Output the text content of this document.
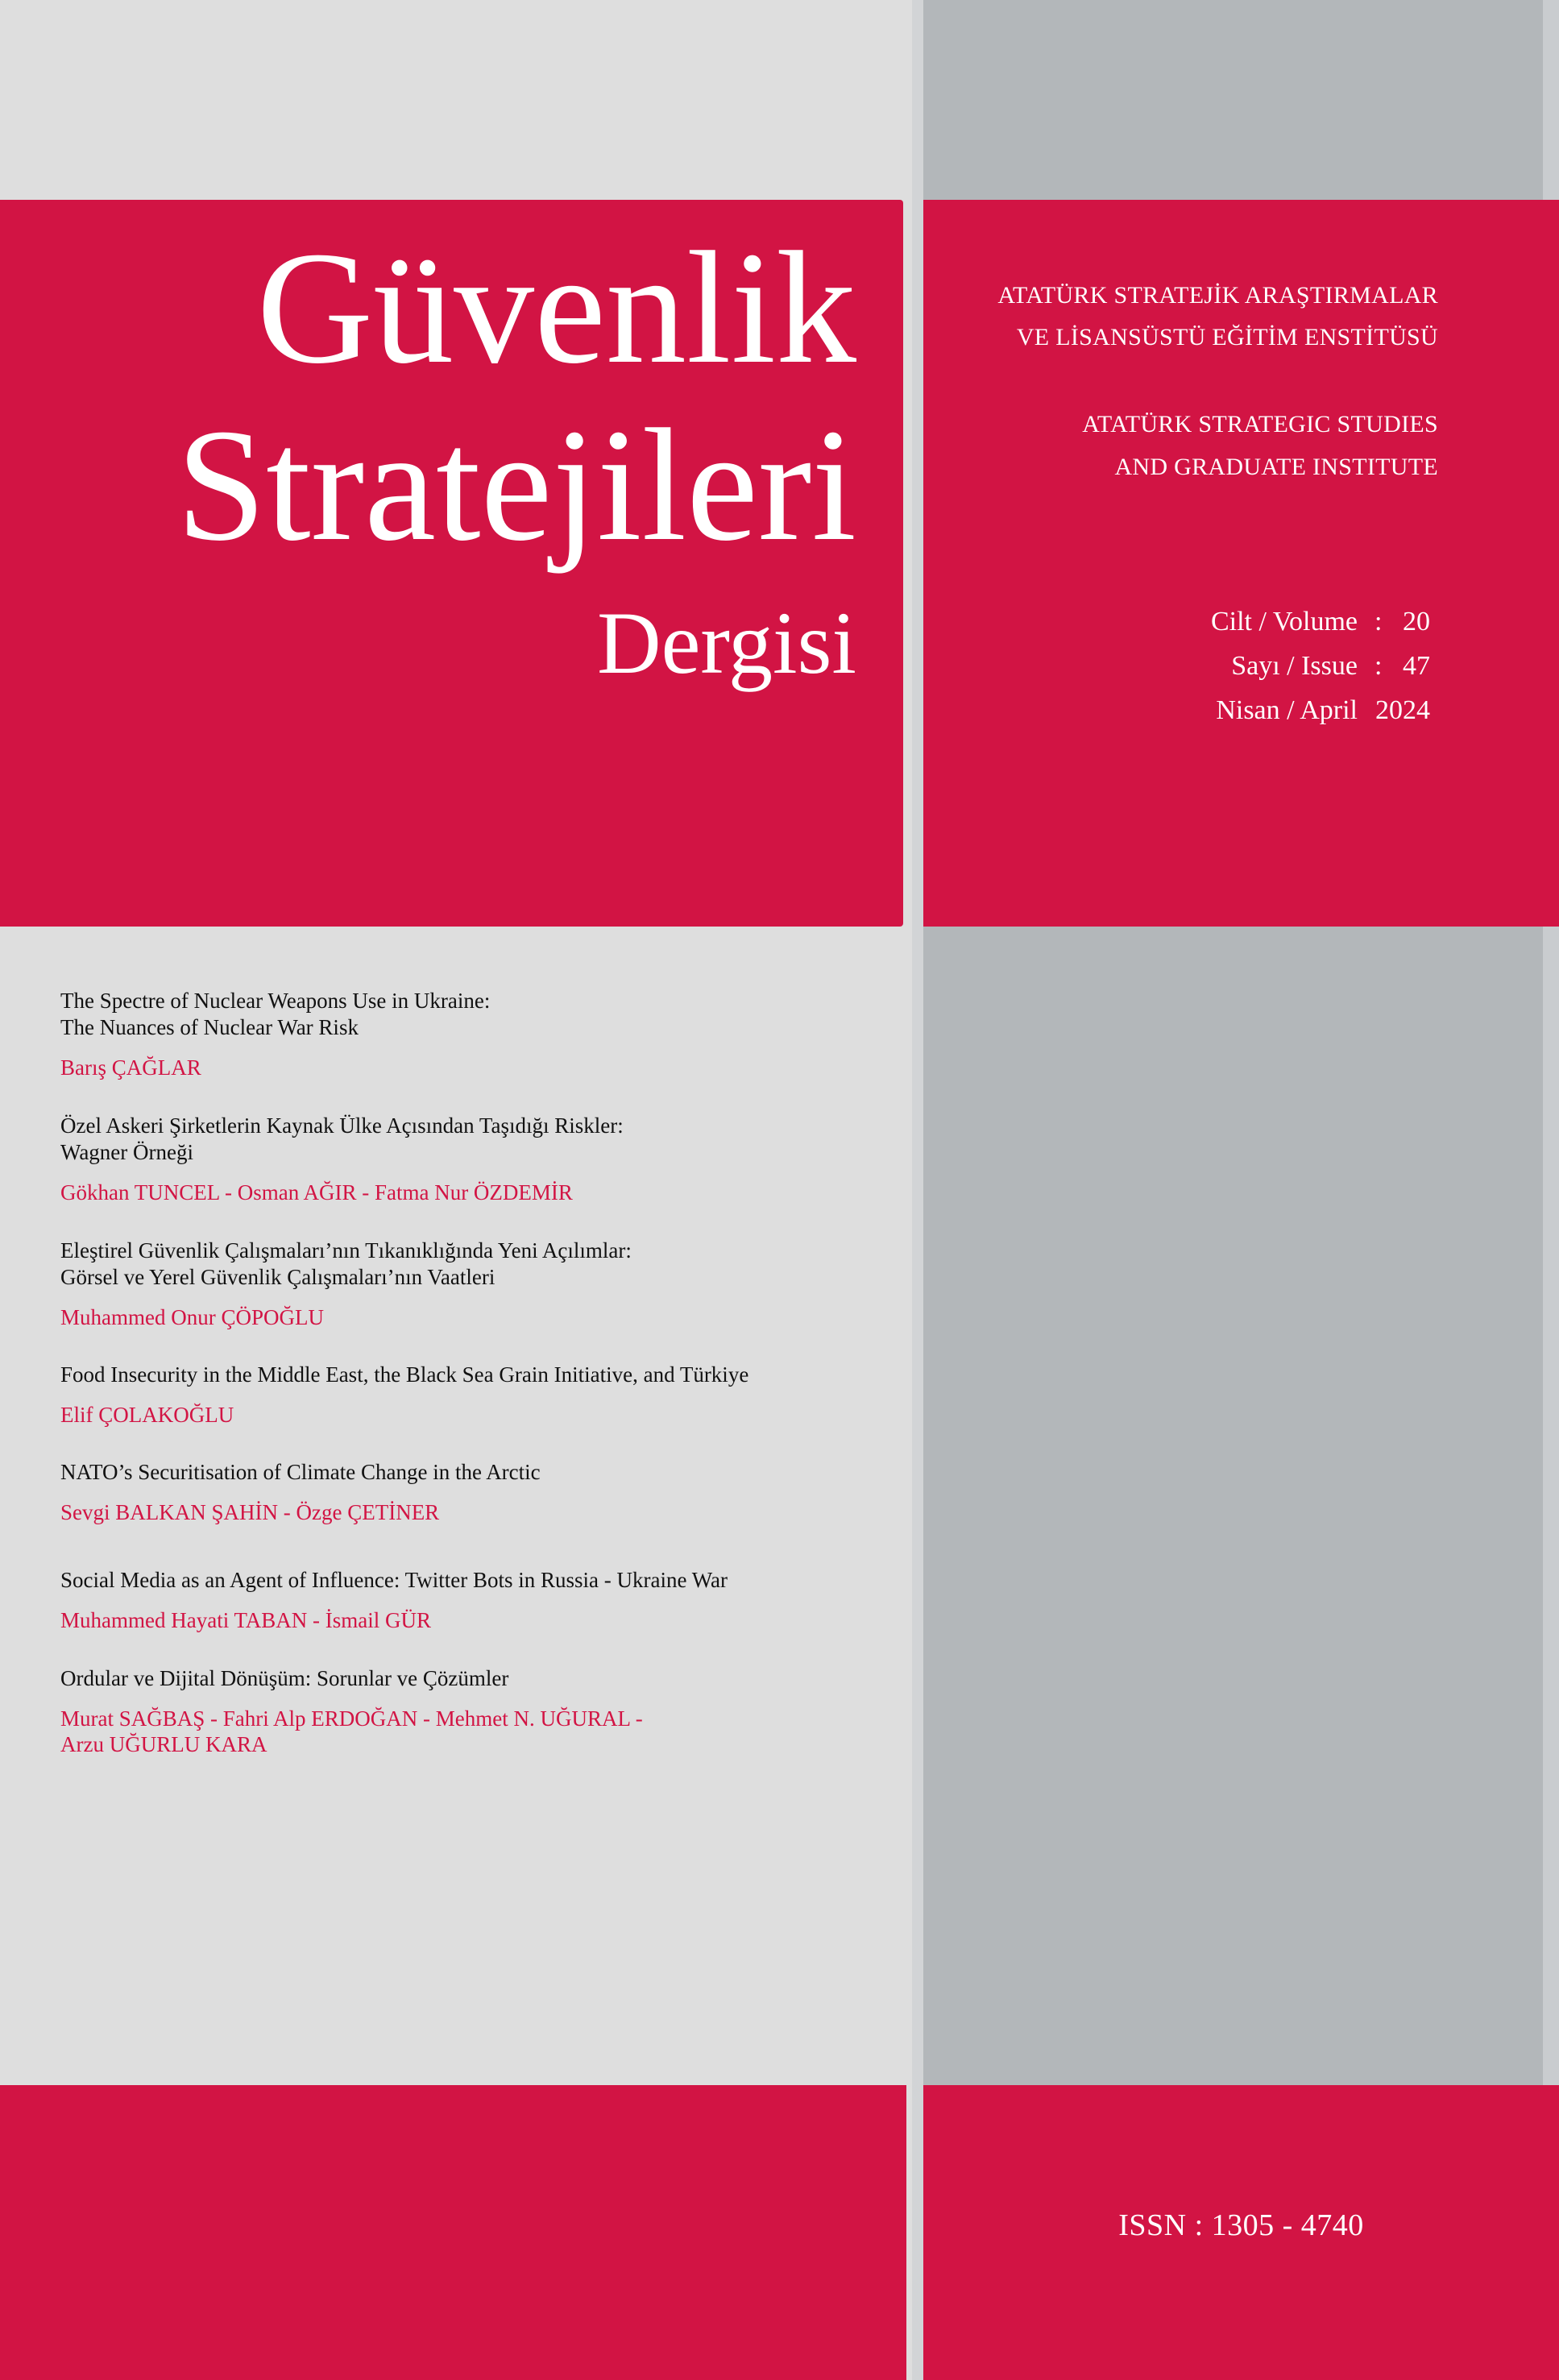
Güvenlik
Stratejileri
Dergisi
ATATÜRK STRATEJİK ARAŞTIRMALAR
VE LİSANSÜSTÜ EĞİTİM ENSTİTÜSÜ
ATATÜRK STRATEGIC STUDIES
AND GRADUATE INSTITUTE
Cilt / Volume : 20
Sayı / Issue : 47
Nisan / April 2024
The Spectre of Nuclear Weapons Use in Ukraine:
The Nuances of Nuclear War Risk
Barış ÇAĞLAR
Özel Askeri Şirketlerin Kaynak Ülke Açısından Taşıdığı Riskler:
Wagner Örneği
Gökhan TUNCEL - Osman AĞIR - Fatma Nur ÖZDEMİR
Eleştirel Güvenlik Çalışmaları’nın Tıkanıklığında Yeni Açılımlar:
Görsel ve Yerel Güvenlik Çalışmaları’nın Vaatleri
Muhammed Onur ÇÖPOĞLU
Food Insecurity in the Middle East, the Black Sea Grain Initiative, and Türkiye
Elif ÇOLAKOĞLU
NATO’s Securitisation of Climate Change in the Arctic
Sevgi BALKAN ŞAHİN - Özge ÇETİNER
Social Media as an Agent of Influence: Twitter Bots in Russia - Ukraine War
Muhammed Hayati TABAN - İsmail GÜR
Ordular ve Dijital Dönüşüm: Sorunlar ve Çözümler
Murat SAĞBAŞ - Fahri Alp ERDOĞAN - Mehmet N. UĞURAL -
Arzu UĞURLU KARA
ISSN : 1305 - 4740
